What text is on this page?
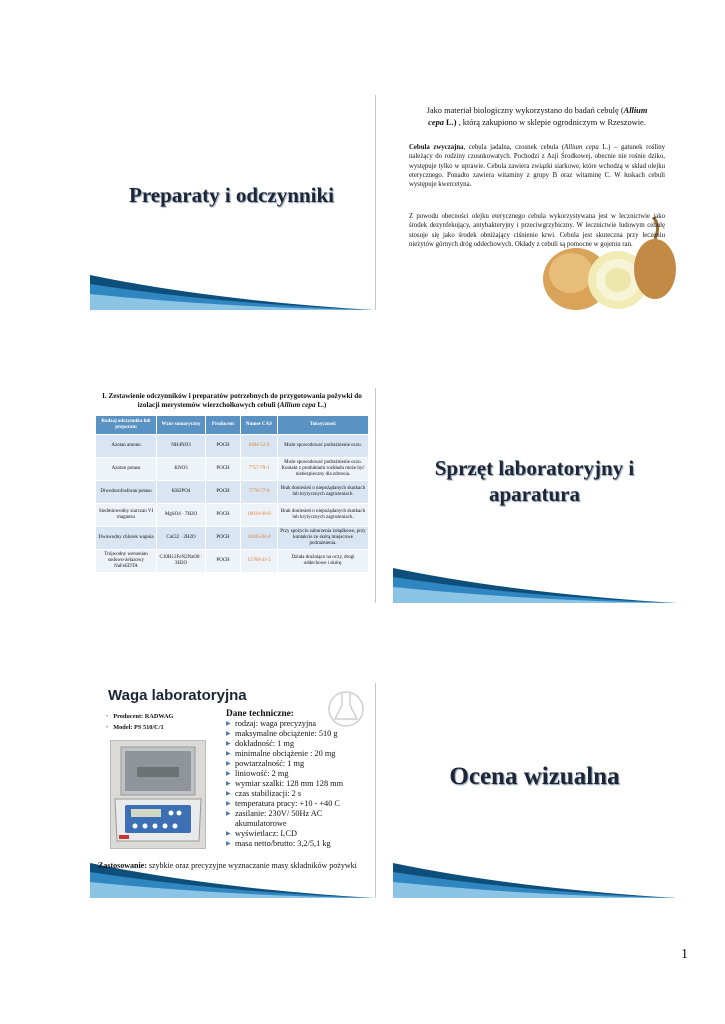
Preparaty i odczynniki
Jako materiał biologiczny wykorzystano do badań cebulę (Allium cepa L.) , którą zakupiono w sklepie ogrodniczym w Rzeszowie.
Cebula zwyczajna, cebula jadalna, czosnek cebula (Allium cepa L.) – gatunek rośliny należący do rodziny czosnkowatych. Pochodzi z Azji Środkowej, obecnie nie rośnie dziko, występuje tylko w uprawie. Cebula zawiera związki siarkowe, które wchodzą w skład olejku eterycznego. Ponadto zawiera witaminy z grupy B oraz witaminę C. W łuskach cebuli występuje kwercetyna.
Z powodu obecności olejku eterycznego cebula wykorzystywana jest w lecznictwie jako środek dezynfekujący, antybakteryjny i przeciwgrzybiczny. W lecznictwie ludowym cebulę stosuje się jako środek obniżający ciśnienie krwi. Cebula jest skuteczna przy leczeniu nieżytów górnych dróg oddechowych. Okłady z cebuli są pomocne w gojeniu ran.
I. Zestawienie odczynników i preparatów potrzebnych do przygotowania pożywki do izolacji merystemów wierzchołkowych cebuli (Allium cepa L.)
Rodzaj odczynnika lub preparatu	Wzór sumaryczny	Producent	Numer CAS	Toksyczność
Azotan amonu	NH4NO3	POCH	6484-52-2	Może spowodować podrażnienie oczu.
Azotan potasu	KNO3	POCH	7757-79-1	Może spowodować podrażnienie oczu. Kontakt z produktami rozkładu może być niebezpieczny dla zdrowia.
Diwodorofosforan potasu	KH2PO4	POCH	7778-77-0	Brak doniesień o niepożądanych skutkach lub krytycznych zagrożeniach.
Siedmiowodny siarczan VI magnezu	MgSO4 · 7H2O	POCH	10034-99-8	Brak doniesień o niepożądanych skutkach lub krytycznych zagrożeniach.
Dwuwodny chlorek wapnia	CaCl2 · 2H2O	POCH	10035-04-8	Przy spożyciu zaburzenia żołądkowe, przy kontakcie ze skórą miejscowe podrażnienia.
Trójwodny wersenian sodowo-żelazowy NaFeEDTA	C10H12FeN2NaO8 · 3H2O	POCH	15708-41-5	Działa drażniąco na oczy, drogi oddechowe i skórę.
Sprzęt laboratoryjny i
aparatura
Waga laboratoryjna
• Producent: RADWAG
• Model: PS 510/C/1
Dane techniczne:
▶ rodzaj: waga precyzyjna
▶ maksymalne obciążenie: 510 g
▶ dokładność: 1 mg
▶ minimalne obciążenie : 20 mg
▶ powtarzalność: 1 mg
▶ liniowość: 2 mg
▶ wymiar szalki: 128 mm 128 mm
▶ czas stabilizacji: 2 s
▶ temperatura pracy: +10 - +40 C
▶ zasilanie: 230V/ 50Hz AC
akumulatorowe
▶ wyświetlacz: LCD
▶ masa netto/brutto: 3,2/5,1 kg
Zastosowanie: szybkie oraz precyzyjne wyznaczanie masy składników pożywki
Ocena wizualna
1
